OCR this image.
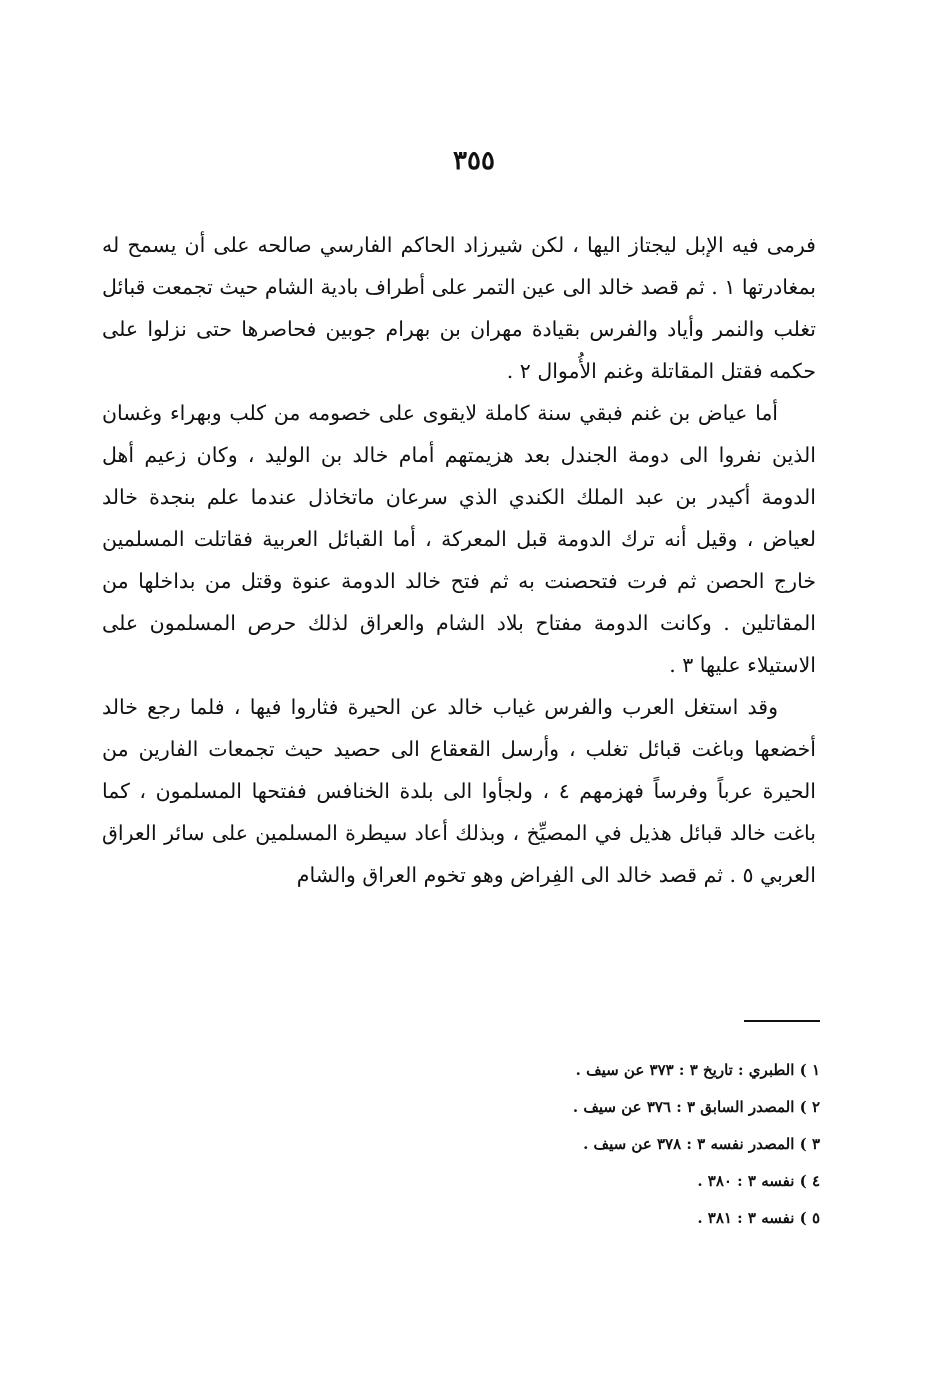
٣٥٥

فرمى فيه الإبل ليجتاز اليها ، لكن شيرزاد الحاكم الفارسي صالحه على أن يسمح له بمغادرتها ١ . ثم قصد خالد الى عين التمر على أطراف بادية الشام حيث تجمعت قبائل تغلب والنمر وأياد والفرس بقيادة مهران بن بهرام جوبين فحاصرها حتى نزلوا على حكمه فقتل المقاتلة وغنم الأُموال ٢ .

أما عياض بن غنم فبقي سنة كاملة لايقوى على خصومه من كلب وبهراء وغسان الذين نفروا الى دومة الجندل بعد هزيمتهم أمام خالد بن الوليد ، وكان زعيم أهل الدومة أكيدر بن عبد الملك الكندي الذي سرعان ماتخاذل عندما علم بنجدة خالد لعياض ، وقيل أنه ترك الدومة قبل المعركة ، أما القبائل العربية فقاتلت المسلمين خارج الحصن ثم فرت فتحصنت به ثم فتح خالد الدومة عنوة وقتل من بداخلها من المقاتلين . وكانت الدومة مفتاح بلاد الشام والعراق لذلك حرص المسلمون على الاستيلاء عليها ٣ .

وقد استغل العرب والفرس غياب خالد عن الحيرة فثاروا فيها ، فلما رجع خالد أخضعها وباغت قبائل تغلب ، وأرسل القعقاع الى حصيد حيث تجمعات الفارين من الحيرة عرباً وفرساً فهزمهم ٤ ، ولجأوا الى بلدة الخنافس ففتحها المسلمون ، كما باغت خالد قبائل هذيل في المصيِّخ ، وبذلك أعاد سيطرة المسلمين على سائر العراق العربي ٥ . ثم قصد خالد الى الفِراض وهو تخوم العراق والشام

١ ) الطبري : تاريخ ٣ : ٣٧٣ عن سيف .

٢ ) المصدر السابق ٣ : ٣٧٦ عن سيف .

٣ ) المصدر نفسه ٣ : ٣٧٨ عن سيف .

٤ ) نفسه ٣ : ٣٨٠ .

٥ ) نفسه ٣ : ٣٨١ .
